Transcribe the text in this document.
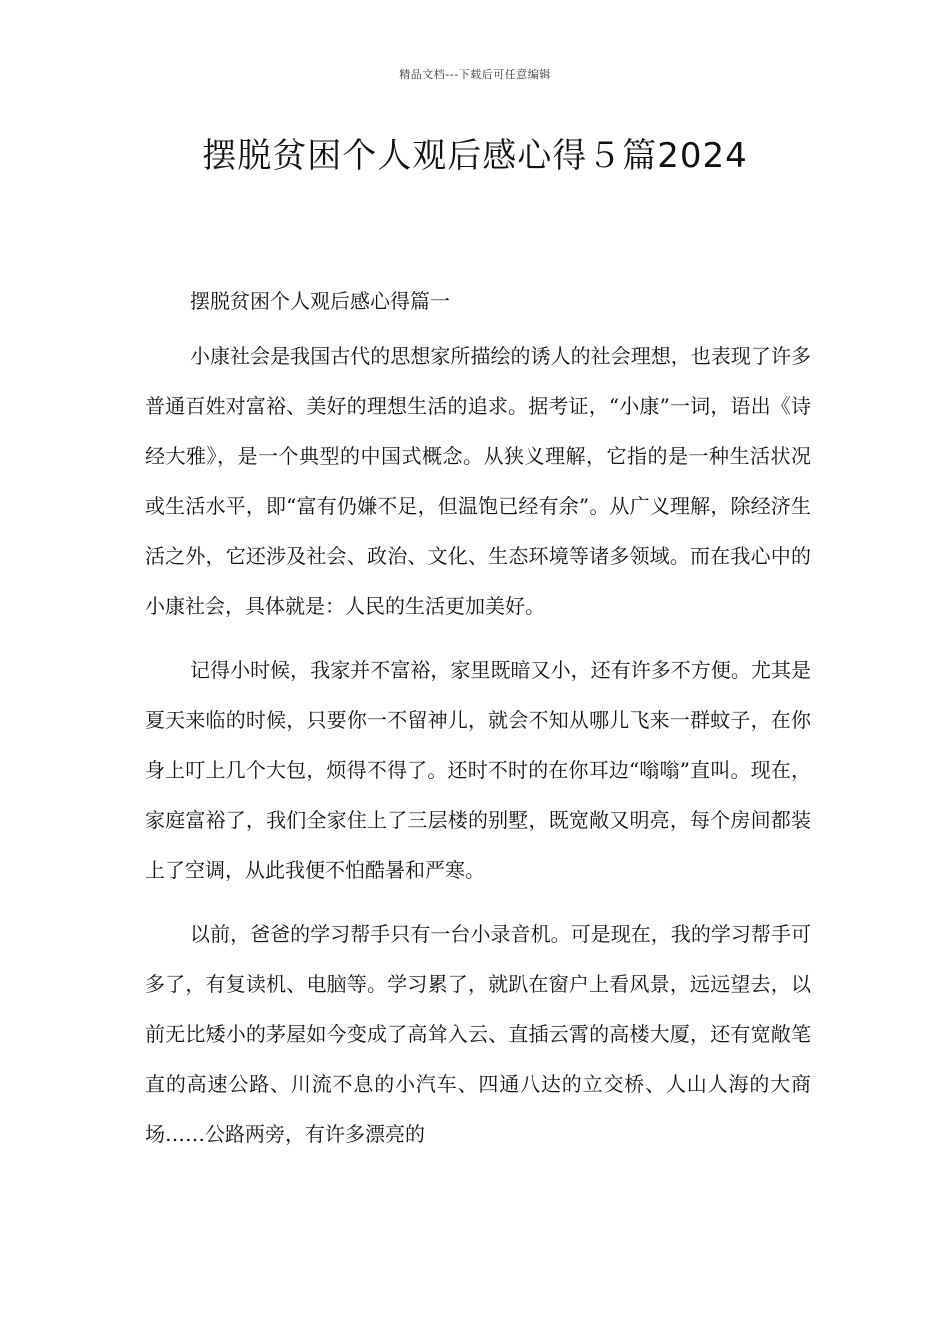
精品文档---下载后可任意编辑
摆脱贫困个人观后感心得５篇2024

摆脱贫困个人观后感心得篇一

小康社会是我国古代的思想家所描绘的诱人的社会理想，也表现了许多普通百姓对富裕、美好的理想生活的追求。据考证，“小康”一词，语出《诗经大雅》，是一个典型的中国式概念。从狭义理解，它指的是一种生活状况或生活水平，即“富有仍嫌不足，但温饱已经有余”。从广义理解，除经济生活之外，它还涉及社会、政治、文化、生态环境等诸多领域。而在我心中的小康社会，具体就是：人民的生活更加美好。

记得小时候，我家并不富裕，家里既暗又小，还有许多不方便。尤其是夏天来临的时候，只要你一不留神儿，就会不知从哪儿飞来一群蚊子，在你身上叮上几个大包，烦得不得了。还时不时的在你耳边“嗡嗡”直叫。现在，家庭富裕了，我们全家住上了三层楼的别墅，既宽敞又明亮，每个房间都装上了空调，从此我便不怕酷暑和严寒。

以前，爸爸的学习帮手只有一台小录音机。可是现在，我的学习帮手可多了，有复读机、电脑等。学习累了，就趴在窗户上看风景，远远望去，以前无比矮小的茅屋如今变成了高耸入云、直插云霄的高楼大厦，还有宽敞笔直的高速公路、川流不息的小汽车、四通八达的立交桥、人山人海的大商场……公路两旁，有许多漂亮的
